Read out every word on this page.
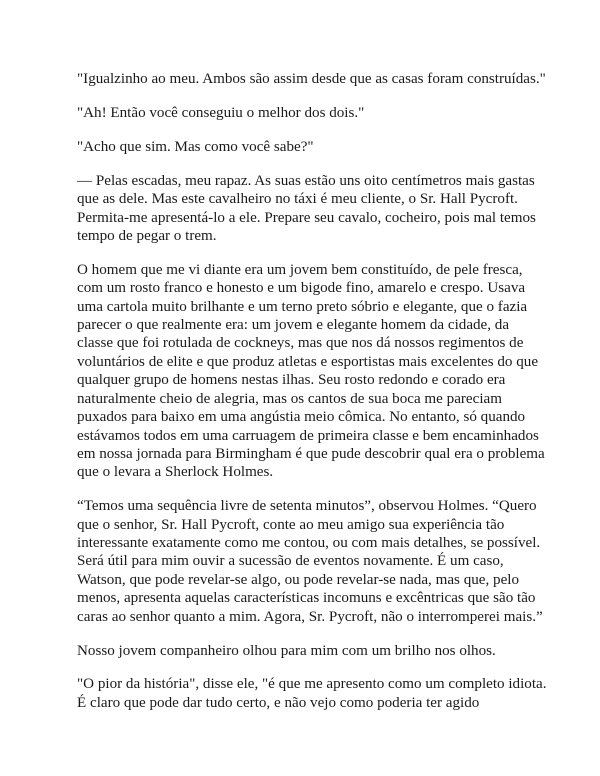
"Igualzinho ao meu. Ambos são assim desde que as casas foram construídas."

"Ah! Então você conseguiu o melhor dos dois."

"Acho que sim. Mas como você sabe?"

— Pelas escadas, meu rapaz. As suas estão uns oito centímetros mais gastas que as dele. Mas este cavalheiro no táxi é meu cliente, o Sr. Hall Pycroft. Permita-me apresentá-lo a ele. Prepare seu cavalo, cocheiro, pois mal temos tempo de pegar o trem.

O homem que me vi diante era um jovem bem constituído, de pele fresca, com um rosto franco e honesto e um bigode fino, amarelo e crespo. Usava uma cartola muito brilhante e um terno preto sóbrio e elegante, que o fazia parecer o que realmente era: um jovem e elegante homem da cidade, da classe que foi rotulada de cockneys, mas que nos dá nossos regimentos de voluntários de elite e que produz atletas e esportistas mais excelentes do que qualquer grupo de homens nestas ilhas. Seu rosto redondo e corado era naturalmente cheio de alegria, mas os cantos de sua boca me pareciam puxados para baixo em uma angústia meio cômica. No entanto, só quando estávamos todos em uma carruagem de primeira classe e bem encaminhados em nossa jornada para Birmingham é que pude descobrir qual era o problema que o levara a Sherlock Holmes.

“Temos uma sequência livre de setenta minutos”, observou Holmes. “Quero que o senhor, Sr. Hall Pycroft, conte ao meu amigo sua experiência tão interessante exatamente como me contou, ou com mais detalhes, se possível. Será útil para mim ouvir a sucessão de eventos novamente. É um caso, Watson, que pode revelar-se algo, ou pode revelar-se nada, mas que, pelo menos, apresenta aquelas características incomuns e excêntricas que são tão caras ao senhor quanto a mim. Agora, Sr. Pycroft, não o interromperei mais.”

Nosso jovem companheiro olhou para mim com um brilho nos olhos.

"O pior da história", disse ele, "é que me apresento como um completo idiota. É claro que pode dar tudo certo, e não vejo como poderia ter agido
